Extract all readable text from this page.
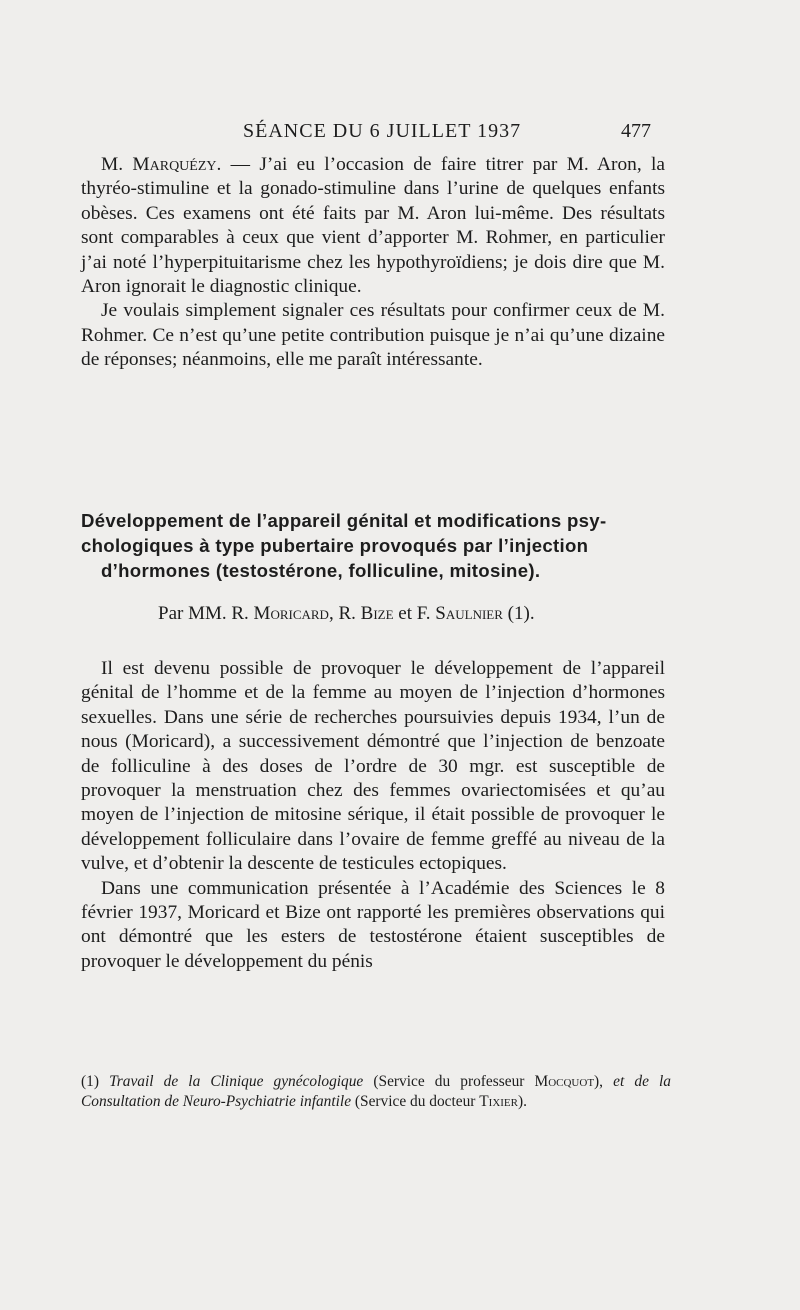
SÉANCE DU 6 JUILLET 1937	477

M. Marquézy. — J’ai eu l’occasion de faire titrer par M. Aron, la thyréo-stimuline et la gonado-stimuline dans l’urine de quelques enfants obèses. Ces examens ont été faits par M. Aron lui-même. Des résultats sont comparables à ceux que vient d’apporter M. Rohmer, en particulier j’ai noté l’hyperpituitarisme chez les hypothyroïdiens; je dois dire que M. Aron ignorait le diagnostic clinique.

Je voulais simplement signaler ces résultats pour confirmer ceux de M. Rohmer. Ce n’est qu’une petite contribution puisque je n’ai qu’une dizaine de réponses; néanmoins, elle me paraît intéressante.

Développement de l’appareil génital et modifications psy-
chologiques à type pubertaire provoqués par l’injection
d’hormones (testostérone, folliculine, mitosine).
Par MM. R. Moricard, R. Bize et F. Saulnier (1).

Il est devenu possible de provoquer le développement de l’appareil génital de l’homme et de la femme au moyen de l’injection d’hormones sexuelles. Dans une série de recherches poursuivies depuis 1934, l’un de nous (Moricard), a successivement démontré que l’injection de benzoate de folliculine à des doses de l’ordre de 30 mgr. est susceptible de provoquer la menstruation chez des femmes ovariectomisées et qu’au moyen de l’injection de mitosine sérique, il était possible de provoquer le développement folliculaire dans l’ovaire de femme greffé au niveau de la vulve, et d’obtenir la descente de testicules ectopiques.

Dans une communication présentée à l’Académie des Sciences le 8 février 1937, Moricard et Bize ont rapporté les premières observations qui ont démontré que les esters de testostérone étaient susceptibles de provoquer le développement du pénis

(1) Travail de la Clinique gynécologique (Service du professeur Mocquot), et de la Consultation de Neuro-Psychiatrie infantile (Service du docteur Tixier).
